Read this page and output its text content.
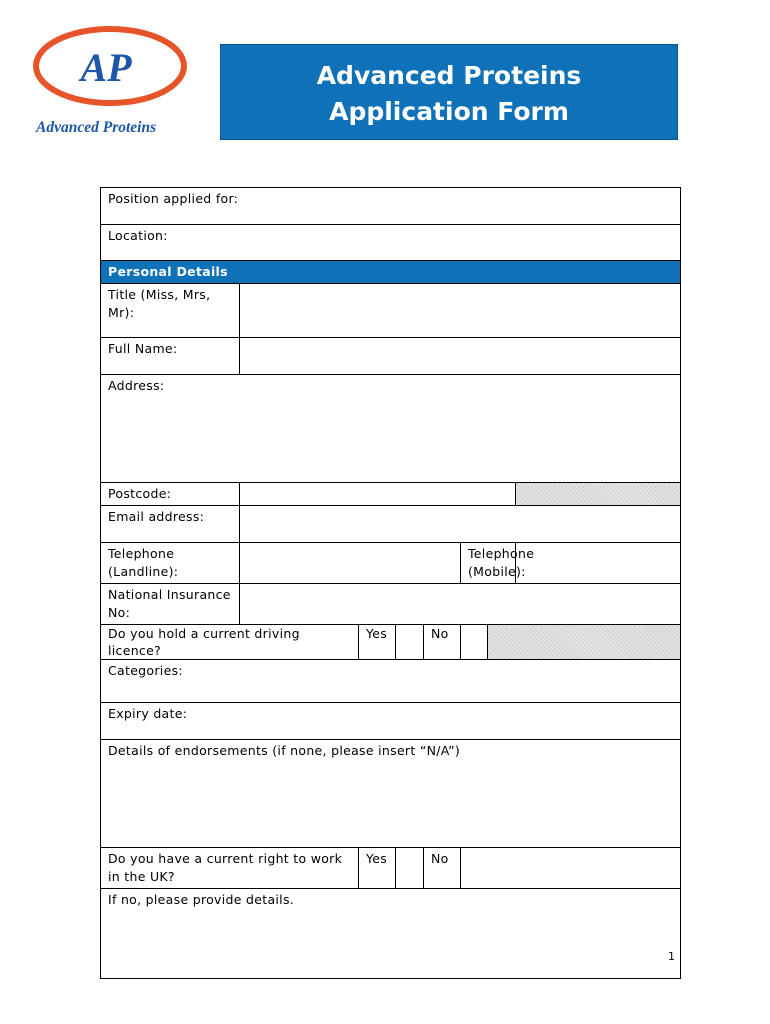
AP
Advanced Proteins
Advanced Proteins
Application Form
Position applied for:							
Location:							
Personal Details							
Title (Miss, Mrs, Mr):							
Full Name:							
Address:							
Postcode:							
Email address:							
Telephone (Landline):					Telephone (Mobile):		
National Insurance No:							
Do you hold a current driving licence?		Yes		No			
Categories:							
Expiry date:							
Details of endorsements (if none, please insert “N/A”)							
Do you have a current right to work in the UK?		Yes		No			
If no, please provide details.							
1
